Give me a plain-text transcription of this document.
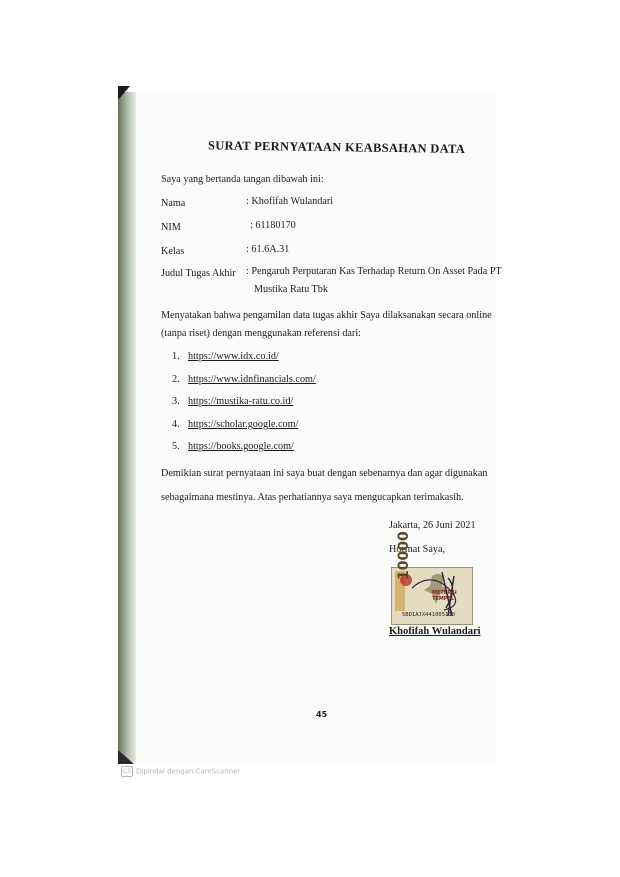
SURAT PERNYATAAN KEABSAHAN DATA
Saya yang bertanda tangan dibawah ini:
Nama	: Khofifah Wulandari
NIM	: 61180170
Kelas	: 61.6A.31
Judul Tugas Akhir : Pengaruh Perputaran Kas Terhadap Return On Asset Pada PT
Mustika Ratu Tbk
Menyatakan bahwa pengamilan data tugas akhir Saya dilaksanakan secara online
(tanpa riset) dengan menggunakan referensi dari:
1. https://www.idx.co.id/
2. https://www.idnfinancials.com/
3. https://mustika-ratu.co.id/
4. https://scholar.google.com/
5. https://books.google.com/
Demikian surat pernyataan ini saya buat dengan sebenarnya dan agar digunakan
sebagaimana mestinya. Atas perhatiannya saya mengucapkan terimakasih.
Jakarta, 26 Juni 2021
Hormat Saya,
10000
METERAI TEMPEL
5BD1AJX441005110
Khofifah Wulandari
45
CS Dipindai dengan CamScanner
